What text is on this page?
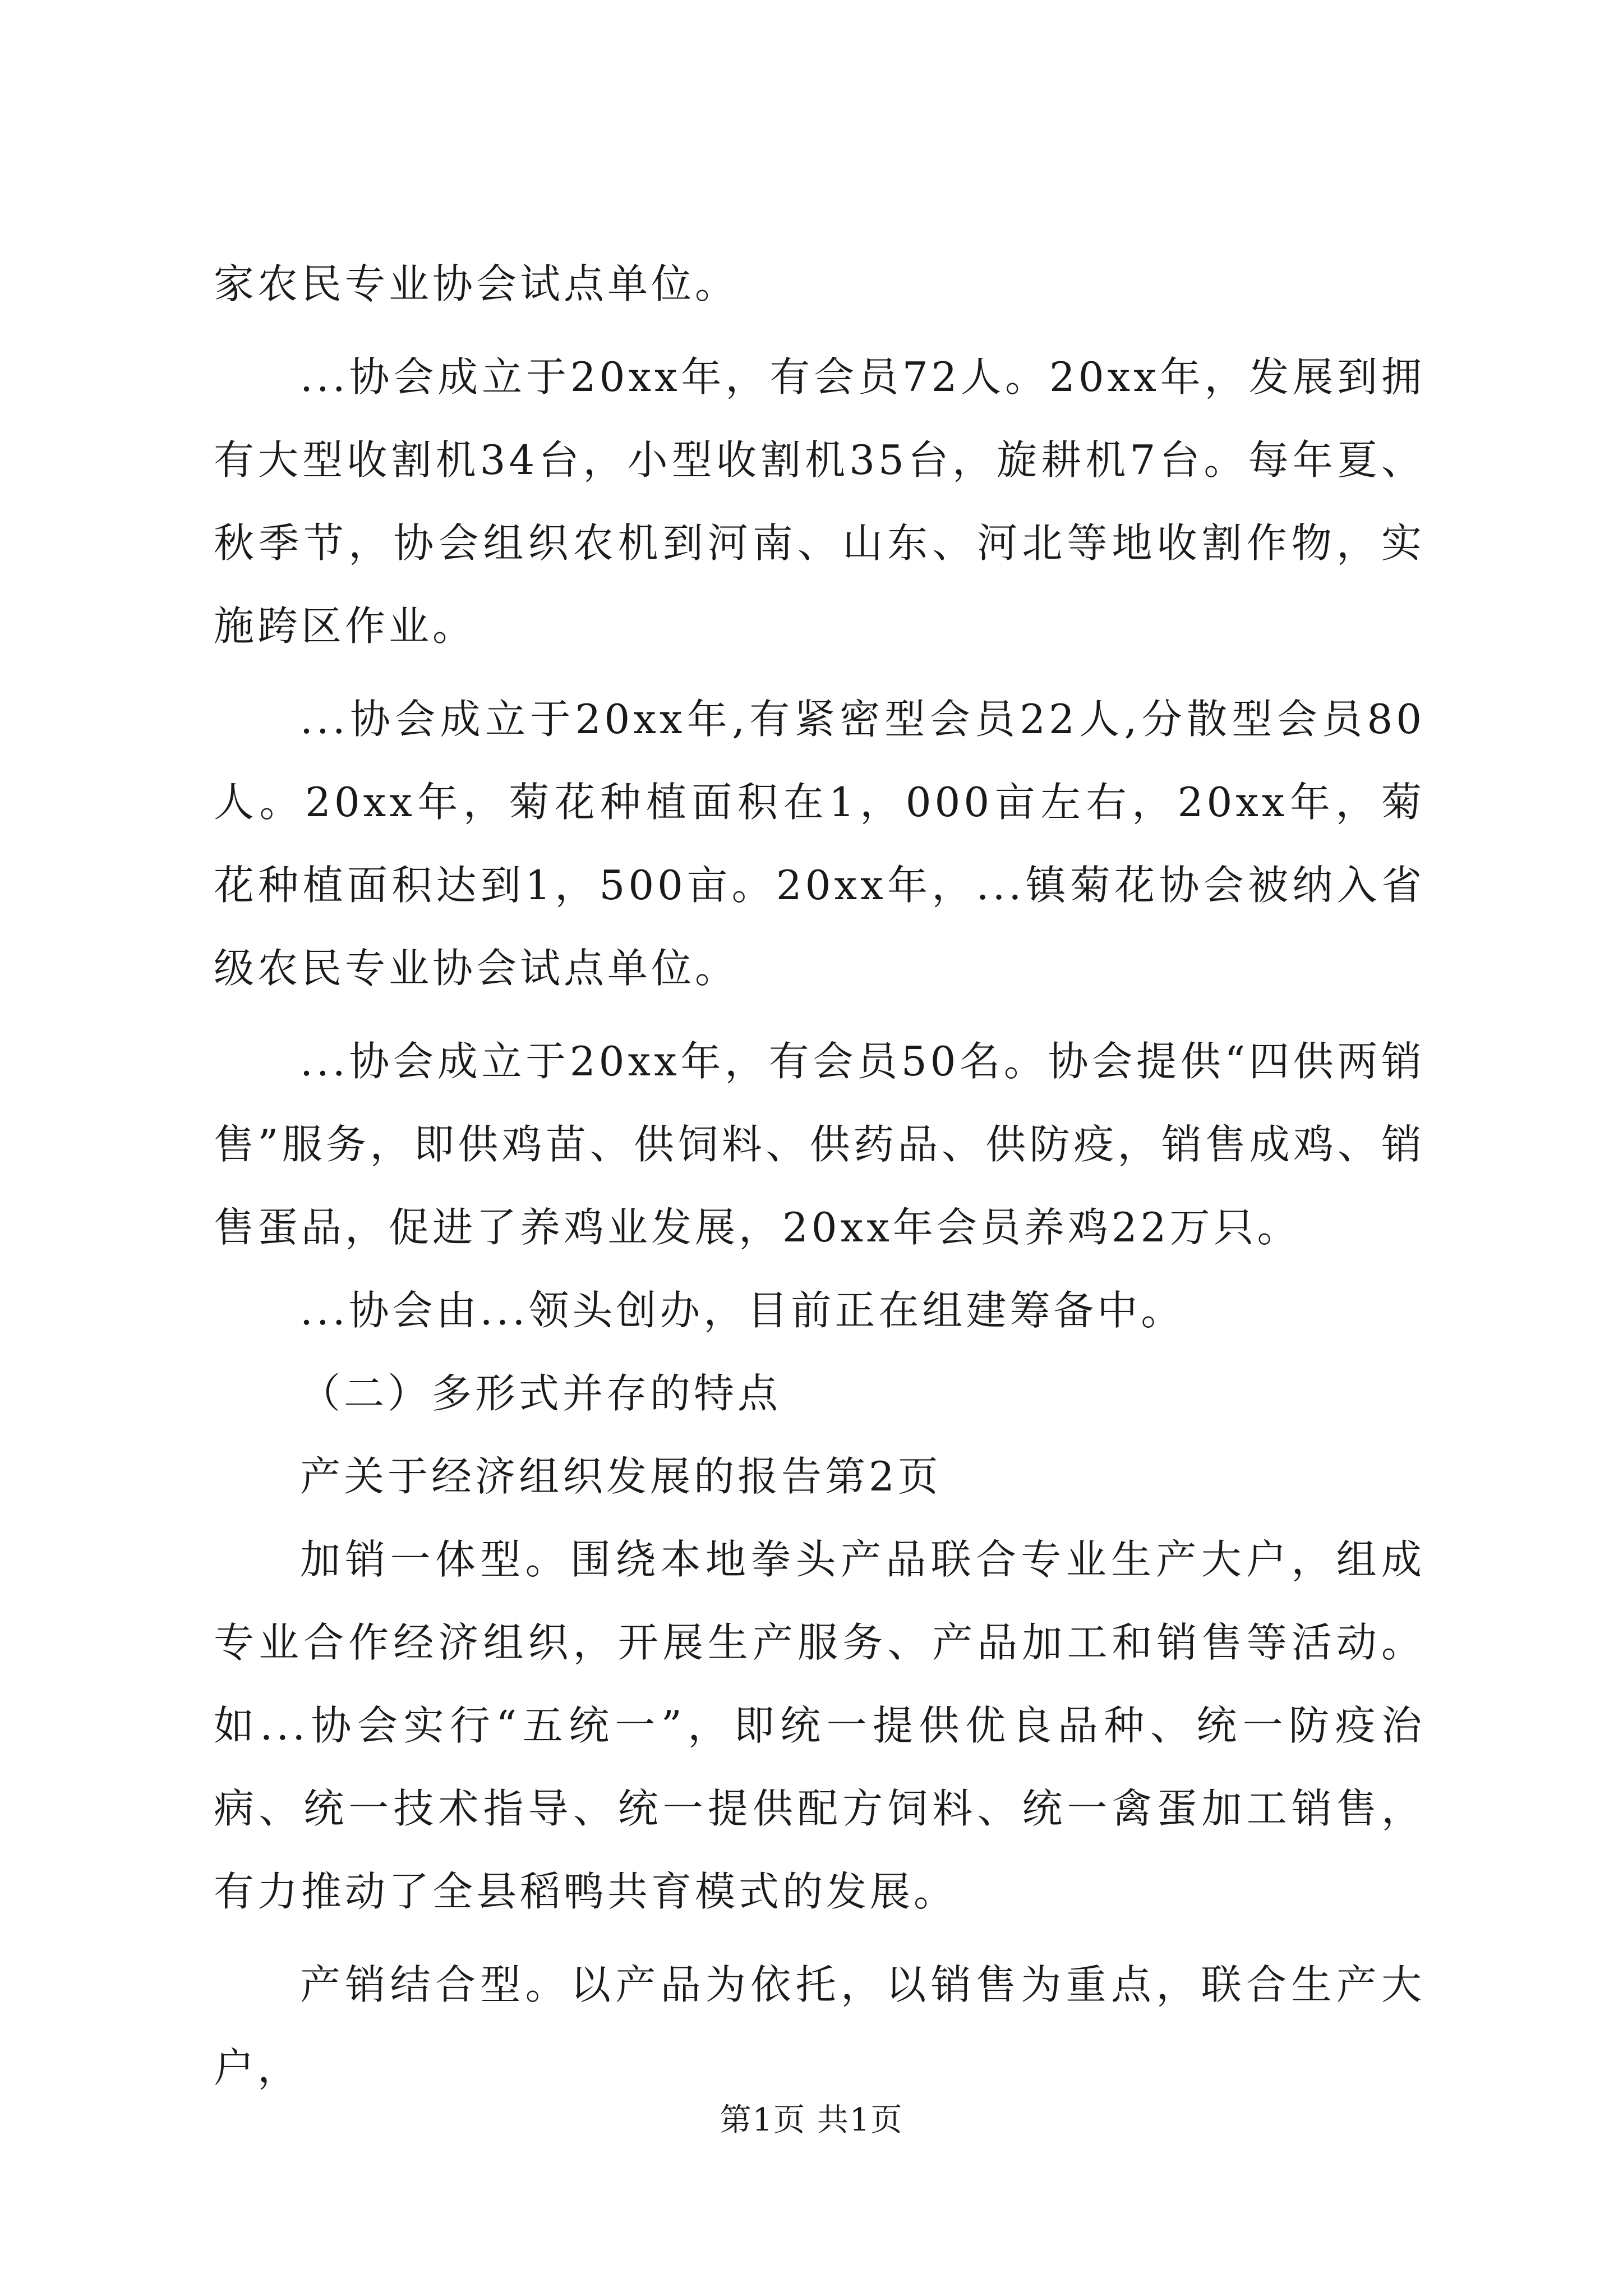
家农民专业协会试点单位。

...协会成立于20xx年，有会员72人。20xx年，发展到拥有大型收割机34台，小型收割机35台，旋耕机7台。每年夏、秋季节，协会组织农机到河南、山东、河北等地收割作物，实施跨区作业。

...协会成立于20xx年,有紧密型会员22人,分散型会员80人。20xx年，菊花种植面积在1，000亩左右，20xx年，菊花种植面积达到1，500亩。20xx年，...镇菊花协会被纳入省级农民专业协会试点单位。

...协会成立于20xx年，有会员50名。协会提供“四供两销售”服务，即供鸡苗、供饲料、供药品、供防疫，销售成鸡、销售蛋品，促进了养鸡业发展，20xx年会员养鸡22万只。

...协会由...领头创办，目前正在组建筹备中。

（二）多形式并存的特点

产关于经济组织发展的报告第2页

加销一体型。围绕本地拳头产品联合专业生产大户，组成专业合作经济组织，开展生产服务、产品加工和销售等活动。如...协会实行“五统一”，即统一提供优良品种、统一防疫治病、统一技术指导、统一提供配方饲料、统一禽蛋加工销售，有力推动了全县稻鸭共育模式的发展。

产销结合型。以产品为依托，以销售为重点，联合生产大户，

第1页 共1页
